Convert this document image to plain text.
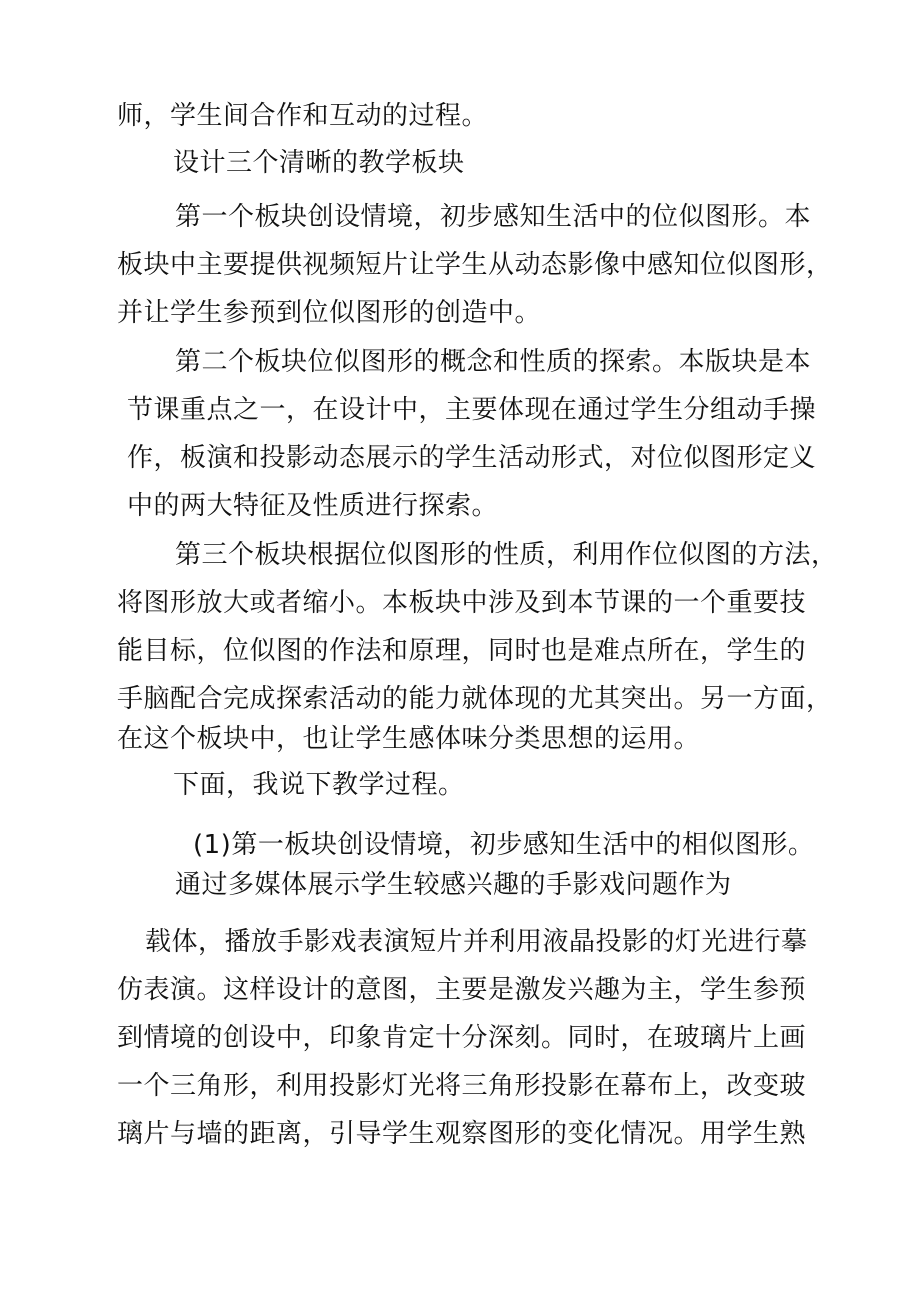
师，学生间合作和互动的过程。
设计三个清晰的教学板块
第一个板块创设情境，初步感知生活中的位似图形。本
板块中主要提供视频短片让学生从动态影像中感知位似图形，
并让学生参预到位似图形的创造中。
第二个板块位似图形的概念和性质的探索。本版块是本
节课重点之一，在设计中，主要体现在通过学生分组动手操
作，板演和投影动态展示的学生活动形式，对位似图形定义
中的两大特征及性质进行探索。
第三个板块根据位似图形的性质，利用作位似图的方法，
将图形放大或者缩小。本板块中涉及到本节课的一个重要技
能目标，位似图的作法和原理，同时也是难点所在，学生的
手脑配合完成探索活动的能力就体现的尤其突出。另一方面，
在这个板块中，也让学生感体味分类思想的运用。
下面，我说下教学过程。
(1)第一板块创设情境，初步感知生活中的相似图形。
通过多媒体展示学生较感兴趣的手影戏问题作为
载体，播放手影戏表演短片并利用液晶投影的灯光进行摹
仿表演。这样设计的意图，主要是激发兴趣为主，学生参预
到情境的创设中，印象肯定十分深刻。同时，在玻璃片上画
一个三角形，利用投影灯光将三角形投影在幕布上，改变玻
璃片与墙的距离，引导学生观察图形的变化情况。用学生熟
